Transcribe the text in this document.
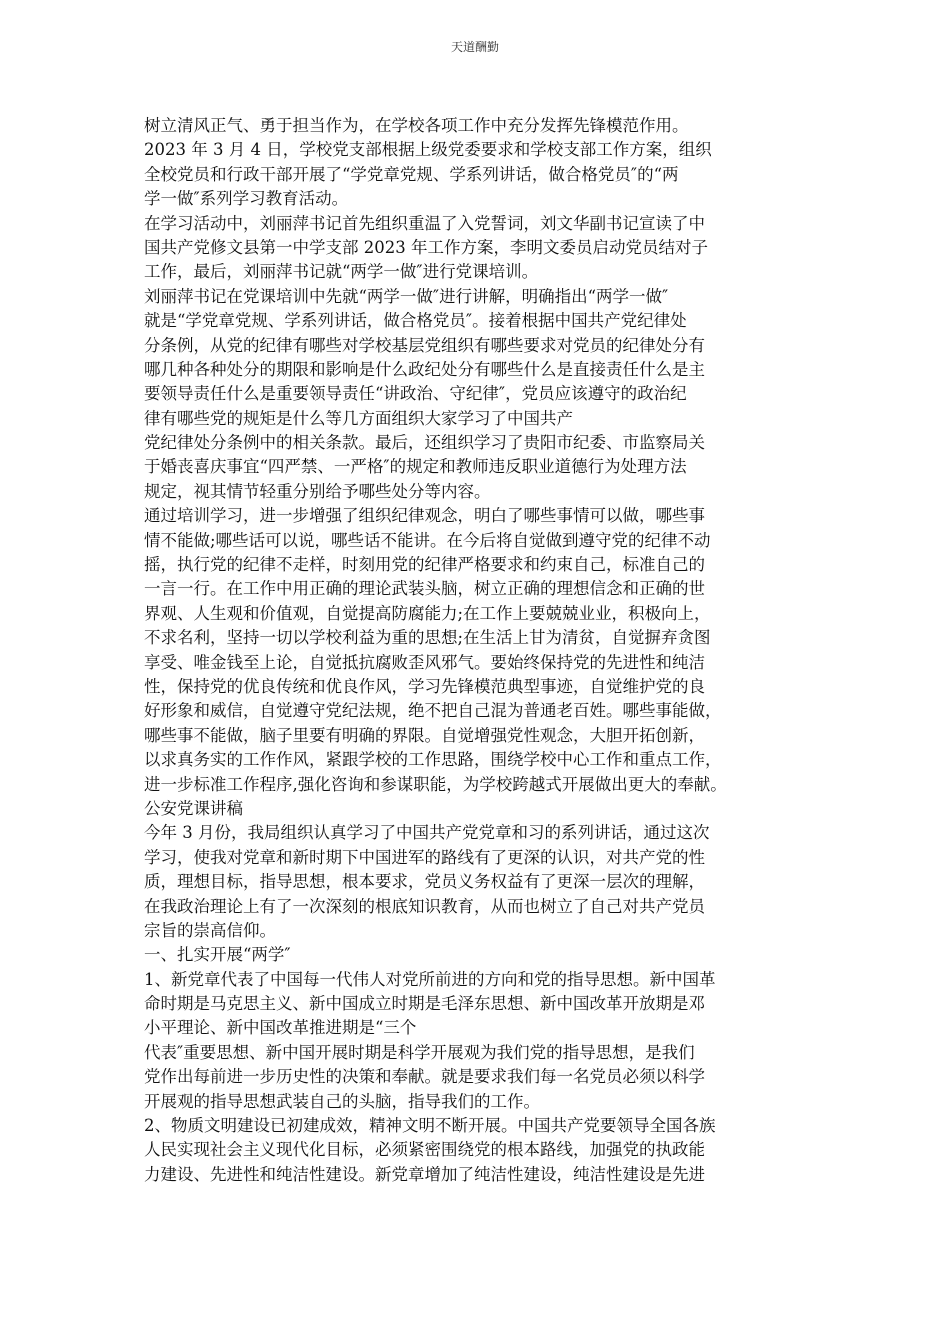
天道酬勤
树立清风正气、勇于担当作为，在学校各项工作中充分发挥先锋模范作用。
2023 年 3 月 4 日，学校党支部根据上级党委要求和学校支部工作方案，组织
全校党员和行政干部开展了“学党章党规、学系列讲话，做合格党员″的“两
学一做″系列学习教育活动。
在学习活动中，刘丽萍书记首先组织重温了入党誓词，刘文华副书记宣读了中
国共产党修文县第一中学支部 2023 年工作方案，李明文委员启动党员结对子
工作，最后，刘丽萍书记就“两学一做″进行党课培训。
刘丽萍书记在党课培训中先就“两学一做″进行讲解，明确指出“两学一做″
就是“学党章党规、学系列讲话，做合格党员″。接着根据中国共产党纪律处
分条例，从党的纪律有哪些对学校基层党组织有哪些要求对党员的纪律处分有
哪几种各种处分的期限和影响是什么政纪处分有哪些什么是直接责任什么是主
要领导责任什么是重要领导责任“讲政治、守纪律″，党员应该遵守的政治纪
律有哪些党的规矩是什么等几方面组织大家学习了中国共产
党纪律处分条例中的相关条款。最后，还组织学习了贵阳市纪委、市监察局关
于婚丧喜庆事宜“四严禁、一严格″的规定和教师违反职业道德行为处理方法
规定，视其情节轻重分别给予哪些处分等内容。
通过培训学习，进一步增强了组织纪律观念，明白了哪些事情可以做，哪些事
情不能做;哪些话可以说，哪些话不能讲。在今后将自觉做到遵守党的纪律不动
摇，执行党的纪律不走样，时刻用党的纪律严格要求和约束自己，标准自己的
一言一行。在工作中用正确的理论武装头脑，树立正确的理想信念和正确的世
界观、人生观和价值观，自觉提高防腐能力;在工作上要兢兢业业，积极向上，
不求名利，坚持一切以学校利益为重的思想;在生活上甘为清贫，自觉摒弃贪图
享受、唯金钱至上论，自觉抵抗腐败歪风邪气。要始终保持党的先进性和纯洁
性，保持党的优良传统和优良作风，学习先锋模范典型事迹，自觉维护党的良
好形象和威信，自觉遵守党纪法规，绝不把自己混为普通老百姓。哪些事能做，
哪些事不能做，脑子里要有明确的界限。自觉增强党性观念，大胆开拓创新，
以求真务实的工作作风，紧跟学校的工作思路，围绕学校中心工作和重点工作，
进一步标准工作程序,强化咨询和参谋职能，为学校跨越式开展做出更大的奉献。
公安党课讲稿
今年 3 月份，我局组织认真学习了中国共产党党章和习的系列讲话，通过这次
学习，使我对党章和新时期下中国进军的路线有了更深的认识，对共产党的性
质，理想目标，指导思想，根本要求，党员义务权益有了更深一层次的理解，
在我政治理论上有了一次深刻的根底知识教育，从而也树立了自己对共产党员
宗旨的崇高信仰。
一、扎实开展“两学″
1、新党章代表了中国每一代伟人对党所前进的方向和党的指导思想。新中国革
命时期是马克思主义、新中国成立时期是毛泽东思想、新中国改革开放期是邓
小平理论、新中国改革推进期是“三个
代表″重要思想、新中国开展时期是科学开展观为我们党的指导思想，是我们
党作出每前进一步历史性的决策和奉献。就是要求我们每一名党员必须以科学
开展观的指导思想武装自己的头脑，指导我们的工作。
2、物质文明建设已初建成效，精神文明不断开展。中国共产党要领导全国各族
人民实现社会主义现代化目标，必须紧密围绕党的根本路线，加强党的执政能
力建设、先进性和纯洁性建设。新党章增加了纯洁性建设，纯洁性建设是先进
